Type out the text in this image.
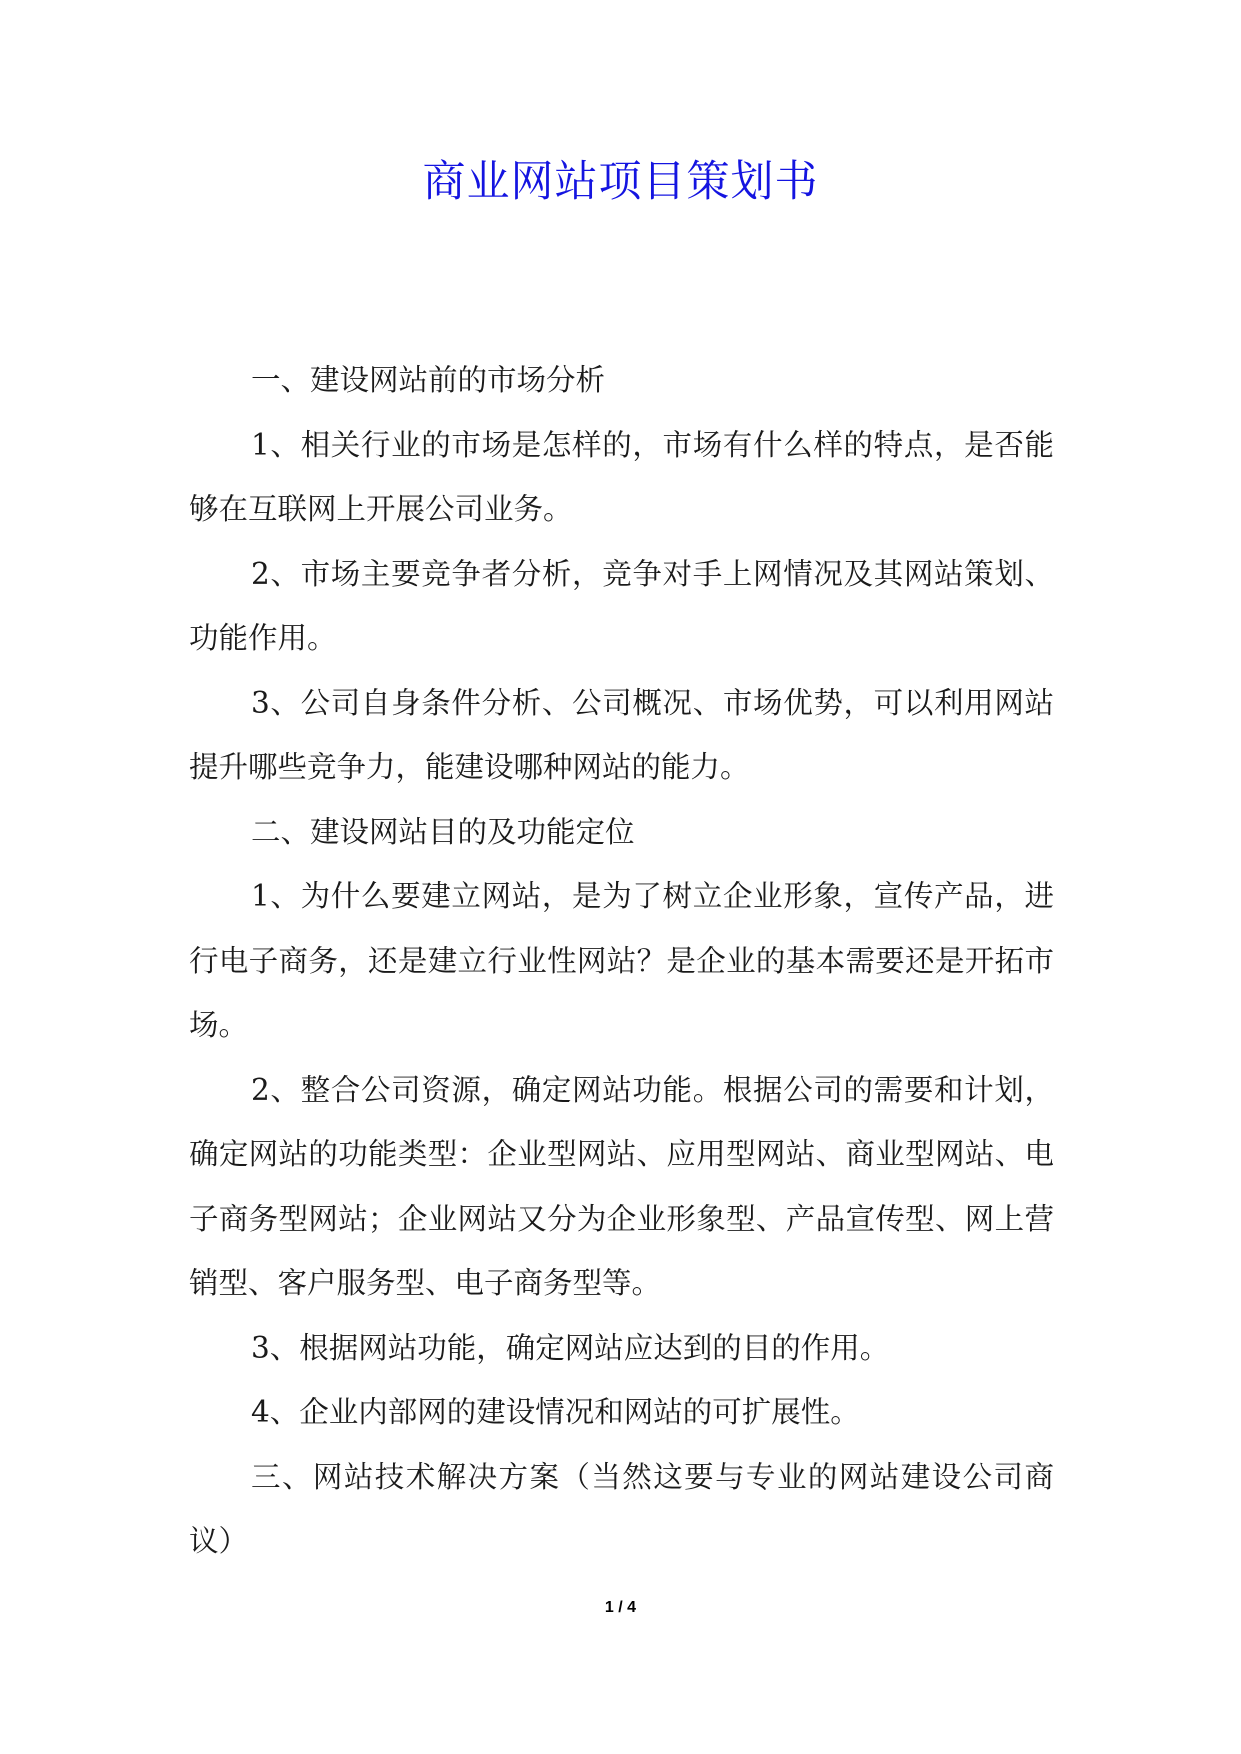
商业网站项目策划书

一、建设网站前的市场分析

1、相关行业的市场是怎样的，市场有什么样的特点，是否能够在互联网上开展公司业务。

2、市场主要竞争者分析，竞争对手上网情况及其网站策划、功能作用。

3、公司自身条件分析、公司概况、市场优势，可以利用网站提升哪些竞争力，能建设哪种网站的能力。

二、建设网站目的及功能定位

1、为什么要建立网站，是为了树立企业形象，宣传产品，进行电子商务，还是建立行业性网站？是企业的基本需要还是开拓市场。

2、整合公司资源，确定网站功能。根据公司的需要和计划，确定网站的功能类型：企业型网站、应用型网站、商业型网站、电子商务型网站；企业网站又分为企业形象型、产品宣传型、网上营销型、客户服务型、电子商务型等。

3、根据网站功能，确定网站应达到的目的作用。

4、企业内部网的建设情况和网站的可扩展性。

三、网站技术解决方案（当然这要与专业的网站建设公司商议）

1 / 4
